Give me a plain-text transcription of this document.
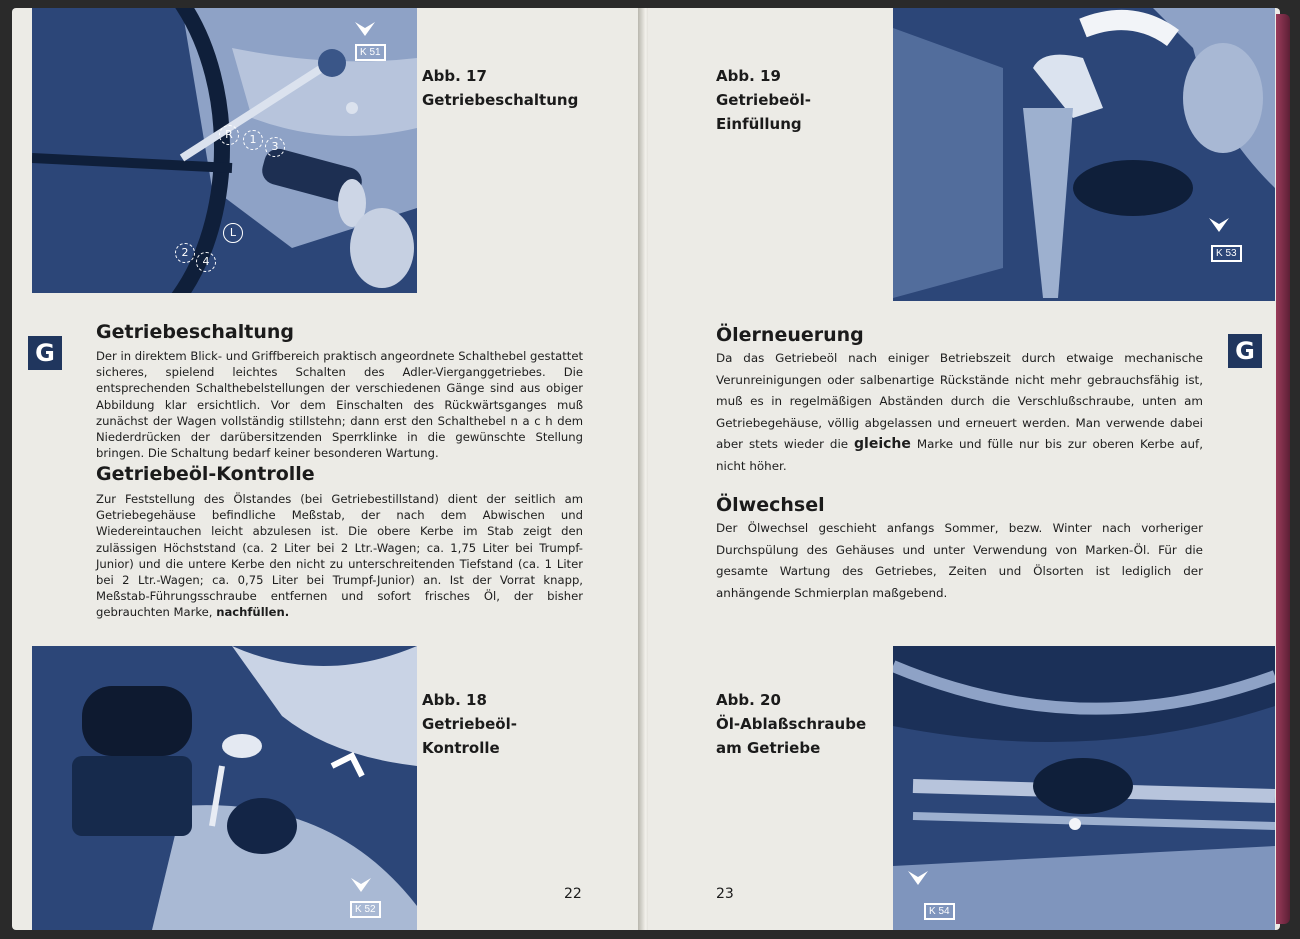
K 51
R	1
3
2
4
L
Abb. 17
Getriebeschaltung
G
Getriebeschaltung
Der in direktem Blick- und Griffbereich praktisch angeordnete Schalthebel gestattet sicheres, spielend leichtes Schalten des Adler-Vierganggetriebes. Die entsprechenden Schalthebelstellungen der verschiedenen Gänge sind aus obiger Abbildung klar ersichtlich. Vor dem Einschalten des Rückwärtsganges muß zunächst der Wagen vollständig stillstehn; dann erst den Schalthebel n a c h dem Niederdrücken der darübersitzenden Sperrklinke in die gewünschte Stellung bringen. Die Schaltung bedarf keiner besonderen Wartung.
Getriebeöl-Kontrolle
Zur Feststellung des Ölstandes (bei Getriebestillstand) dient der seitlich am Getriebegehäuse befindliche Meßstab, der nach dem Abwischen und Wiedereintauchen leicht abzulesen ist. Die obere Kerbe im Stab zeigt den zulässigen Höchststand (ca. 2 Liter bei 2 Ltr.-Wagen; ca. 1,75 Liter bei Trumpf-Junior) und die untere Kerbe den nicht zu unterschreitenden Tiefstand (ca. 1 Liter bei 2 Ltr.-Wagen; ca. 0,75 Liter bei Trumpf-Junior) an. Ist der Vorrat knapp, Meßstab-Führungsschraube entfernen und sofort frisches Öl, der bisher gebrauchten Marke, nachfüllen.
K 52
Abb. 18
Getriebeöl-
Kontrolle
22
K 53
Abb. 19
Getriebeöl-
Einfüllung
G
Ölerneuerung
Da das Getriebeöl nach einiger Betriebszeit durch etwaige mechanische Verunreinigungen oder salbenartige Rückstände nicht mehr gebrauchsfähig ist, muß es in regelmäßigen Abständen durch die Verschlußschraube, unten am Getriebegehäuse, völlig abgelassen und erneuert werden. Man verwende dabei aber stets wieder die gleiche Marke und fülle nur bis zur oberen Kerbe auf, nicht höher.
Ölwechsel
Der Ölwechsel geschieht anfangs Sommer, bezw. Winter nach vorheriger Durchspülung des Gehäuses und unter Verwendung von Marken-Öl. Für die gesamte Wartung des Getriebes, Zeiten und Ölsorten ist lediglich der anhängende Schmierplan maßgebend.
K 54
Abb. 20
Öl-Ablaßschraube
am Getriebe
23
